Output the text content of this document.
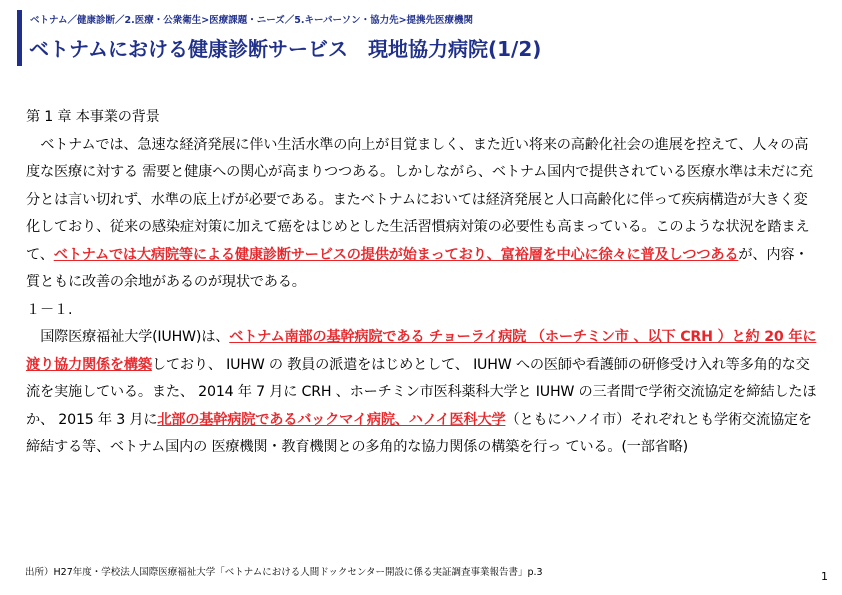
ベトナム／健康診断／2.医療・公衆衛生>医療課題・ニーズ／5.キーパーソン・協力先>提携先医療機関
ベトナムにおける健康診断サービス　現地協力病院(1/2)

第 1 章 本事業の背景

ベトナムでは、急速な経済発展に伴い生活水準の向上が目覚ましく、また近い将来の高齢化社会の進展を控えて、人々の高度な医療に対する 需要と健康への関心が高まりつつある。しかしながら、ベトナム国内で提供されている医療水準は未だに充分とは言い切れず、水準の底上げが必要である。またベトナムにおいては経済発展と人口高齢化に伴って疾病構造が大きく変化しており、従来の感染症対策に加えて癌をはじめとした生活習慣病対策の必要性も高まっている。このような状況を踏まえて、ベトナムでは大病院等による健康診断サービスの提供が始まっており、富裕層を中心に徐々に普及しつつあるが、内容・質ともに改善の余地があるのが現状である。

１－１.

国際医療福祉大学(IUHW)は、ベトナム南部の基幹病院である チョーライ病院 （ホーチミン市 、以下 CRH ）と約 20 年に渡り協力関係を構築しており、 IUHW の 教員の派遣をはじめとして、 IUHW への医師や看護師の研修受け入れ等多角的な交流を実施している。また、 2014 年 7 月に CRH 、ホーチミン市医科薬科大学と IUHW の三者間で学術交流協定を締結したほか、 2015 年 3 月に北部の基幹病院であるバックマイ病院、ハノイ医科大学（ともにハノイ市）それぞれとも学術交流協定を締結する等、ベトナム国内の 医療機関・教育機関との多角的な協力関係の構築を行っ ている。(一部省略)

出所）H27年度・学校法人国際医療福祉大学「ベトナムにおける人間ドックセンター開設に係る実証調査事業報告書」p.3	1
